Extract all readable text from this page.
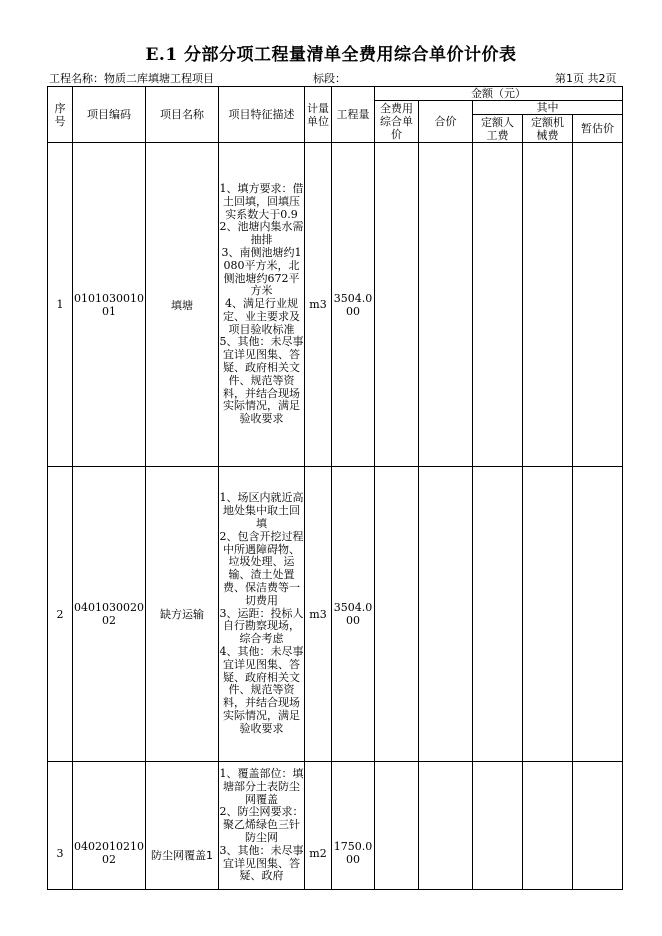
E.1 分部分项工程量清单全费用综合单价计价表
工程名称：物质二库填塘工程项目	标段：	第1页 共2页
序号	项目编码	项目名称	项目特征描述	计量单位	工程量	金额（元）				
						全费用综合单价	合价	其中		
								定额人工费	定额机械费	暂估价
1	010103001001	填塘	1、填方要求：借土回填，回填压实系数大于0.9
2、池塘内集水需抽排
3、南侧池塘约1080平方米，北侧池塘约672平方米
4、满足行业规定、业主要求及项目验收标准
5、其他：未尽事宜详见图集、答疑、政府相关文件、规范等资料，并结合现场实际情况，满足验收要求	m3	3504.000					
2	040103002002	缺方运输	1、场区内就近高地处集中取土回填
2、包含开挖过程中所遇障碍物、垃圾处理、运输、渣土处置费、保洁费等一切费用
3、运距：投标人自行勘察现场，综合考虑
4、其他：未尽事宜详见图集、答疑、政府相关文件、规范等资料，并结合现场实际情况，满足验收要求	m3	3504.000					
3	040201021002	防尘网覆盖1	1、覆盖部位：填塘部分土表防尘网覆盖
2、防尘网要求：聚乙烯绿色三针防尘网
3、其他：未尽事宜详见图集、答疑、政府	m2	1750.000					
